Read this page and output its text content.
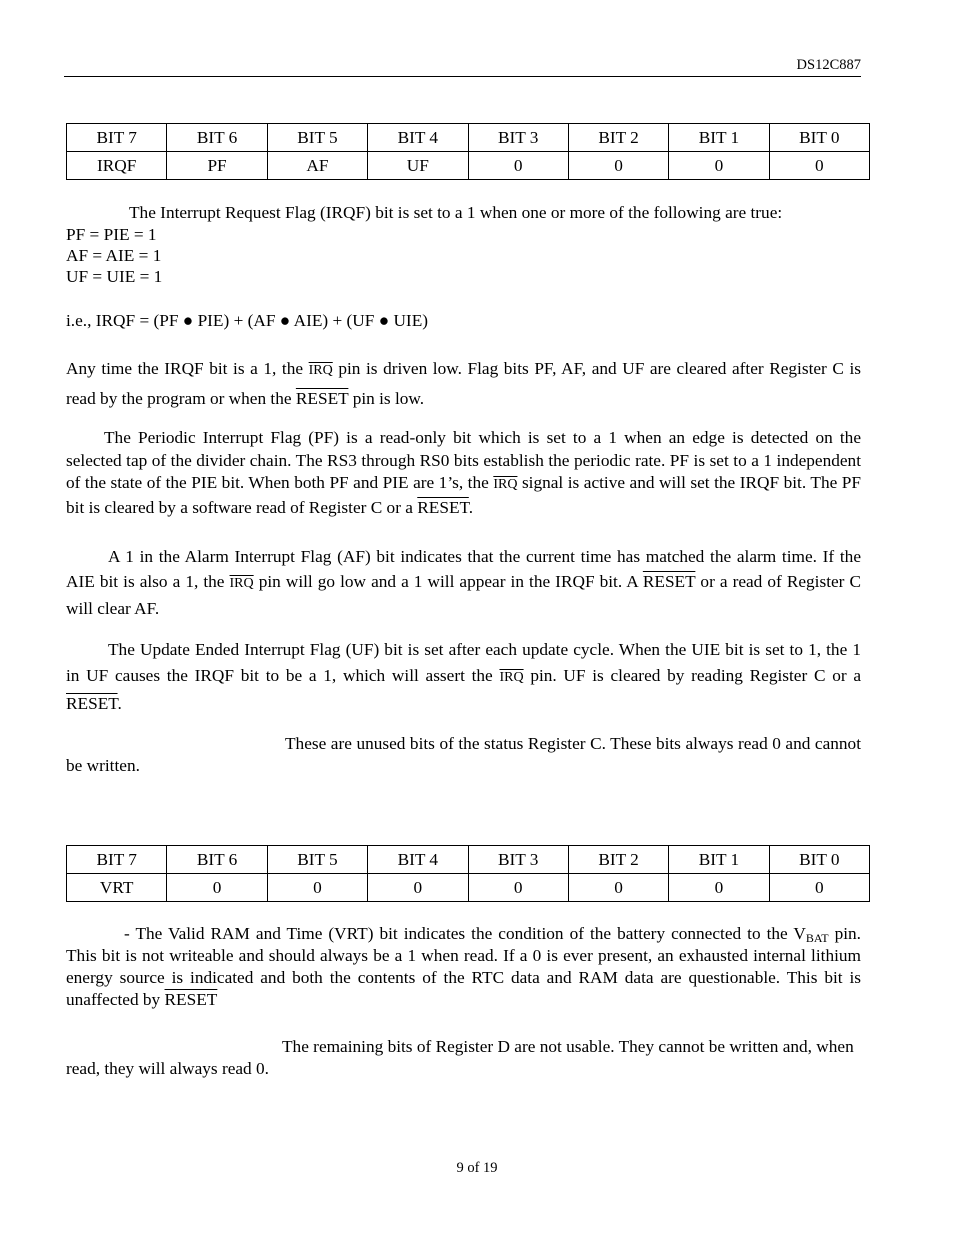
DS12C887
BIT 7	BIT 6	BIT 5	BIT 4	BIT 3	BIT 2	BIT 1	BIT 0
IRQF	PF	AF	UF	0	0	0	0

The Interrupt Request Flag (IRQF) bit is set to a 1 when one or more of the following are true:

PF = PIE = 1

AF = AIE = 1

UF = UIE = 1

i.e., IRQF = (PF ● PIE) + (AF ● AIE) + (UF ● UIE)

Any time the IRQF bit is a 1, the $\overline{IRQ}$ pin is driven low. Flag bits PF, AF, and UF are cleared after Register C is read by the program or when the RESET pin is low.

The Periodic Interrupt Flag (PF) is a read-only bit which is set to a 1 when an edge is detected on the selected tap of the divider chain. The RS3 through RS0 bits establish the periodic rate. PF is set to a 1 independent of the state of the PIE bit. When both PF and PIE are 1’s, the $\overline{IRQ}$ signal is active and will set the IRQF bit. The PF bit is cleared by a software read of Register C or a RESET.

A 1 in the Alarm Interrupt Flag (AF) bit indicates that the current time has matched the alarm time. If the AIE bit is also a 1, the $\overline{IRQ}$ pin will go low and a 1 will appear in the IRQF bit. A RESET or a read of Register C will clear AF.

The Update Ended Interrupt Flag (UF) bit is set after each update cycle. When the UIE bit is set to 1, the 1 in UF causes the IRQF bit to be a 1, which will assert the $\overline{IRQ}$ pin. UF is cleared by reading Register C or a RESET.

These are unused bits of the status Register C. These bits always read 0 and cannot be written.

BIT 7	BIT 6	BIT 5	BIT 4	BIT 3	BIT 2	BIT 1	BIT 0
VRT	0	0	0	0	0	0	0

- The Valid RAM and Time (VRT) bit indicates the condition of the battery connected to the $V_{BAT}$ pin. This bit is not writeable and should always be a 1 when read. If a 0 is ever present, an exhausted internal lithium energy source is indicated and both the contents of the RTC data and RAM data are questionable. This bit is unaffected by RESET

The remaining bits of Register D are not usable. They cannot be written and, when read, they will always read 0.

9 of 19
